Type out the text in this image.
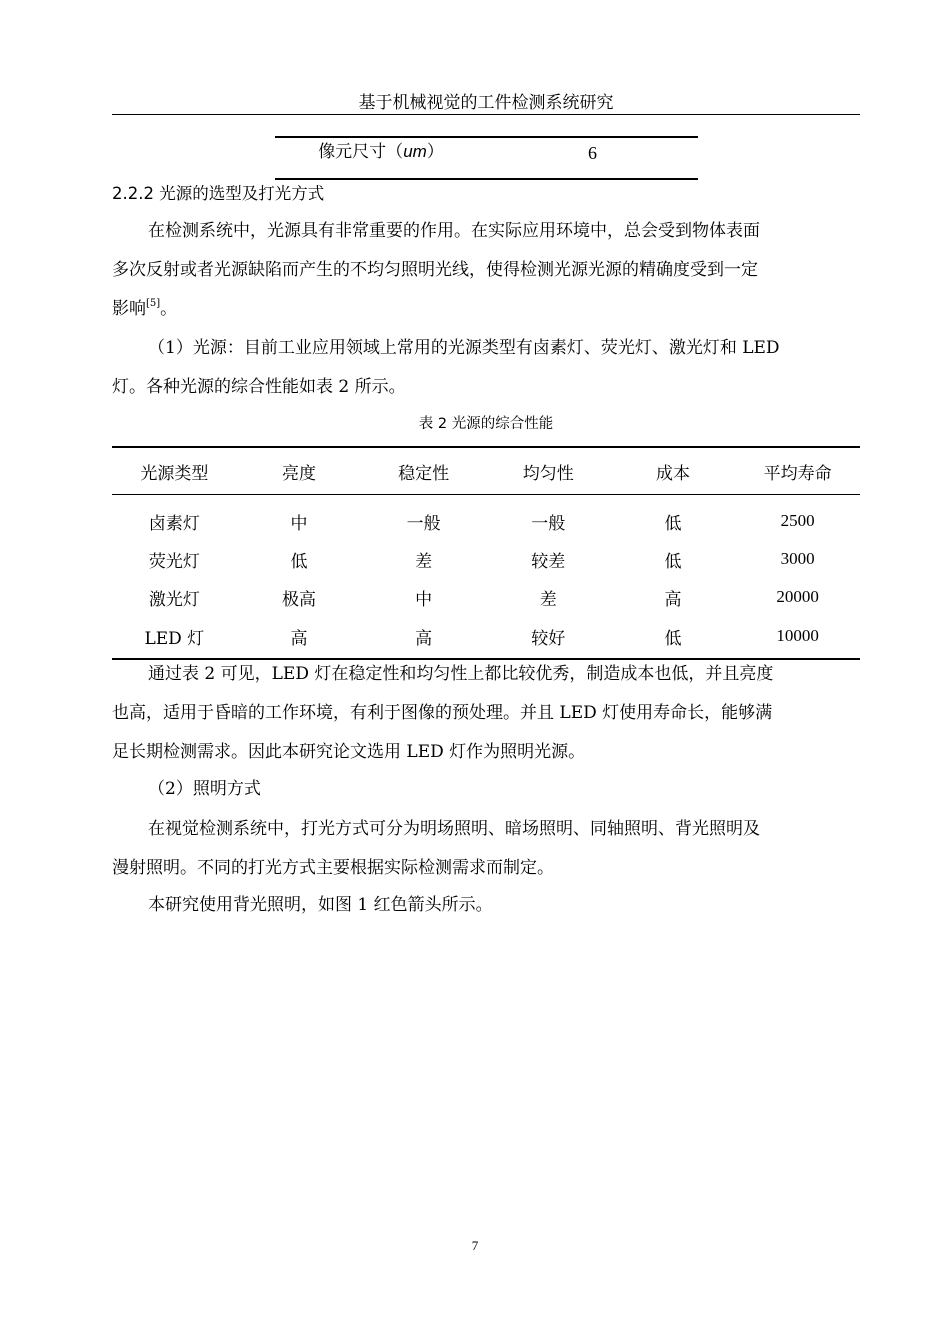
基于机械视觉的工件检测系统研究
像元尺寸（um）	6
2.2.2 光源的选型及打光方式
在检测系统中，光源具有非常重要的作用。在实际应用环境中，总会受到物体表面
多次反射或者光源缺陷而产生的不均匀照明光线，使得检测光源光源的精确度受到一定
影响[5]。
（1）光源：目前工业应用领域上常用的光源类型有卤素灯、荧光灯、激光灯和 LED
灯。各种光源的综合性能如表 2 所示。
表 2 光源的综合性能
光源类型	亮度	稳定性	均匀性	成本	平均寿命

卤素灯	中	一般	一般	低	2500
荧光灯	低	差	较差	低	3000
激光灯	极高	中	差	高	20000
LED 灯	高	高	较好	低	10000
通过表 2 可见，LED 灯在稳定性和均匀性上都比较优秀，制造成本也低，并且亮度
也高，适用于昏暗的工作环境，有利于图像的预处理。并且 LED 灯使用寿命长，能够满
足长期检测需求。因此本研究论文选用 LED 灯作为照明光源。
（2）照明方式
在视觉检测系统中，打光方式可分为明场照明、暗场照明、同轴照明、背光照明及
漫射照明。不同的打光方式主要根据实际检测需求而制定。
本研究使用背光照明，如图 1 红色箭头所示。
7
